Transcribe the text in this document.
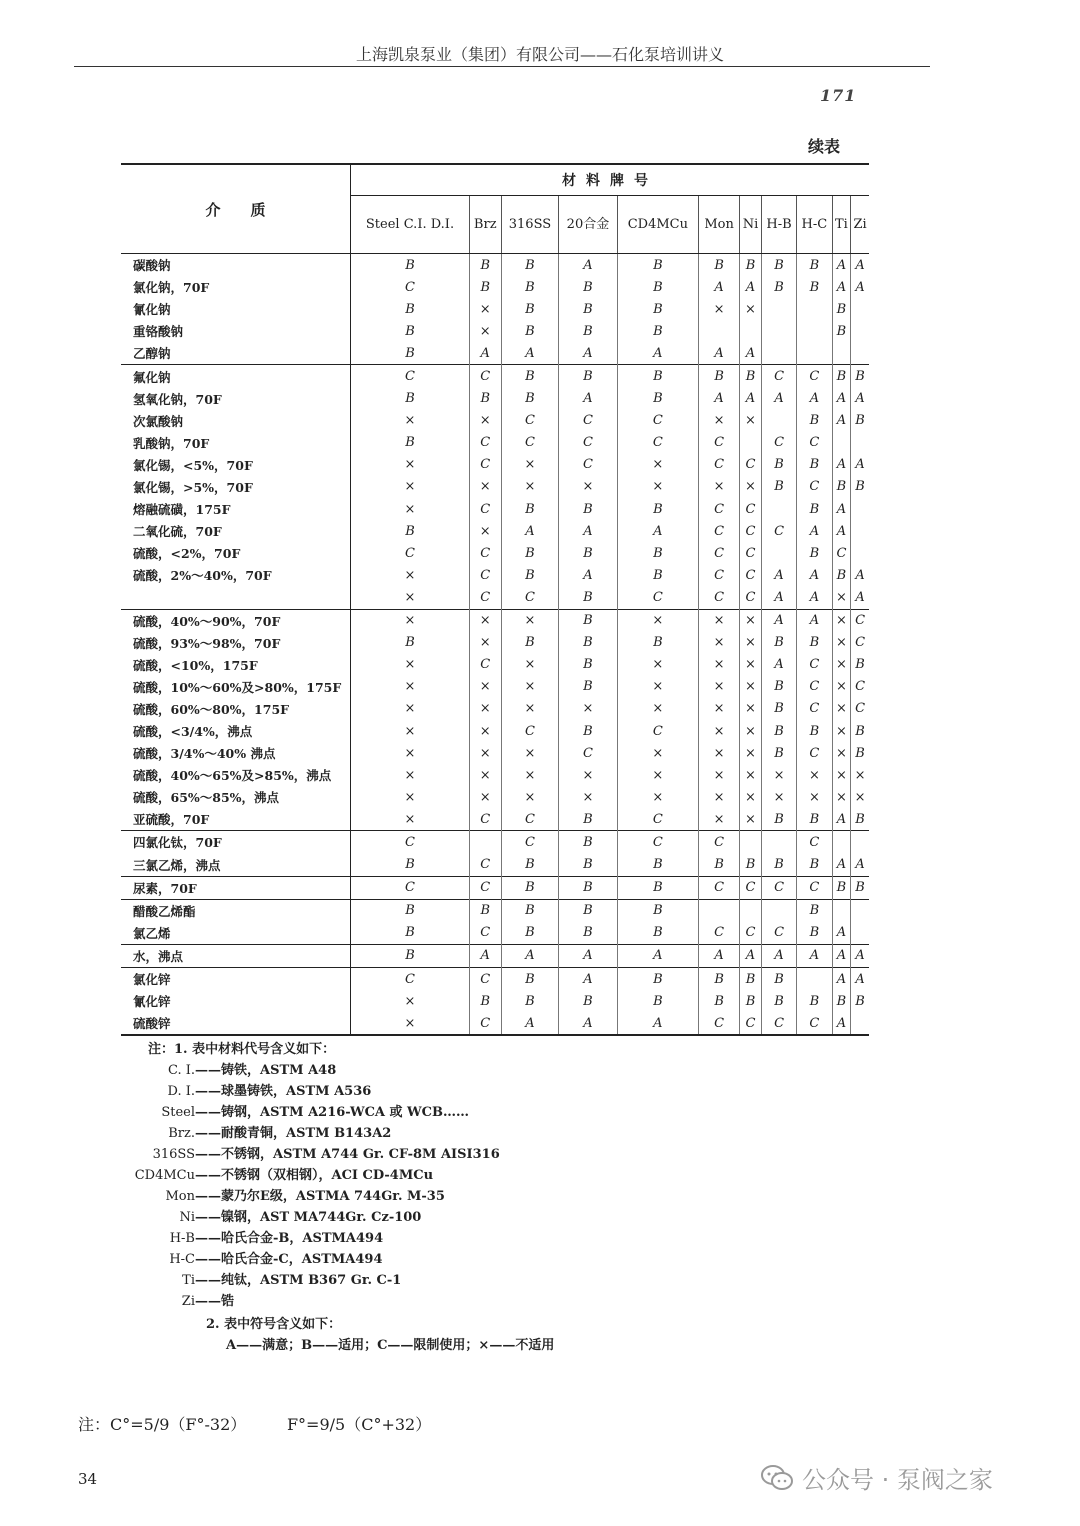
上海凯泉泵业（集团）有限公司——石化泵培训讲义
171
续表
介　　质	材料牌号										
	Steel C.I. D.I.	Brz	316SS	20合金	CD4MCu	Mon	Ni	H-B	H-C	Ti	Zi
碳酸钠	B	B	B	A	B	B	B	B	B	A	A
氯化钠，70F	C	B	B	B	B	A	A	B	B	A	A
氰化钠	B	×	B	B	B	×	×			B	
重铬酸钠	B	×	B	B	B					B	
乙醇钠	B	A	A	A	A	A	A				
氟化钠	C	C	B	B	B	B	B	C	C	B	B
氢氧化钠，70F	B	B	B	A	B	A	A	A	A	A	A
次氯酸钠	×	×	C	C	C	×	×		B	A	B
乳酸钠，70F	B	C	C	C	C	C		C	C		
氯化锡，<5%，70F	×	C	×	C	×	C	C	B	B	A	A
氯化锡，>5%，70F	×	×	×	×	×	×	×	B	C	B	B
熔融硫磺，175F	×	C	B	B	B	C	C		B	A	
二氧化硫，70F	B	×	A	A	A	C	C	C	A	A	
硫酸，<2%，70F	C	C	B	B	B	C	C		B	C	
硫酸，2%～40%，70F	×	C	B	A	B	C	C	A	A	B	A
	×	C	C	B	C	C	C	A	A	×	A
硫酸，40%～90%，70F	×	×	×	B	×	×	×	A	A	×	C
硫酸，93%～98%，70F	B	×	B	B	B	×	×	B	B	×	C
硫酸，<10%，175F	×	C	×	B	×	×	×	A	C	×	B
硫酸，10%～60%及>80%，175F	×	×	×	B	×	×	×	B	C	×	C
硫酸，60%～80%，175F	×	×	×	×	×	×	×	B	C	×	C
硫酸，<3/4%，沸点	×	×	C	B	C	×	×	B	B	×	B
硫酸，3/4%～40% 沸点	×	×	×	C	×	×	×	B	C	×	B
硫酸，40%～65%及>85%，沸点	×	×	×	×	×	×	×	×	×	×	×
硫酸，65%～85%，沸点	×	×	×	×	×	×	×	×	×	×	×
亚硫酸，70F	×	C	C	B	C	×	×	B	B	A	B
四氯化钛，70F	C		C	B	C	C			C		
三氯乙烯，沸点	B	C	B	B	B	B	B	B	B	A	A
尿素，70F	C	C	B	B	B	C	C	C	C	B	B
醋酸乙烯酯	B	B	B	B	B				B		
氯乙烯	B	C	B	B	B	C	C	C	B	A	
水，沸点	B	A	A	A	A	A	A	A	A	A	A
氯化锌	C	C	B	A	B	B	B	B		A	A
氰化锌	×	B	B	B	B	B	B	B	B	B	B
硫酸锌	×	C	A	A	A	C	C	C	C	A	
注：1. 表中材料代号含义如下：
C. I.——铸铁，ASTM A48
D. I.——球墨铸铁，ASTM A536
Steel——铸钢，ASTM A216-WCA 或 WCB……
Brz.——耐酸青铜，ASTM B143A2
316SS——不锈钢，ASTM A744 Gr. CF-8M AISI316
CD4MCu——不锈钢（双相钢），ACI CD-4MCu
Mon——蒙乃尔E级，ASTMA 744Gr. M-35
Ni——镍钢，AST MA744Gr. Cz-100
H-B——哈氏合金-B，ASTMA494
H-C——哈氏合金-C，ASTMA494
Ti——纯钛，ASTM B367 Gr. C-1
Zi——锆
2. 表中符号含义如下：
A——满意；B——适用；C——限制使用；×——不适用
注：C°=5/9（F°-32）        F°=9/5（C°+32）
34	公众号 · 泵阀之家
